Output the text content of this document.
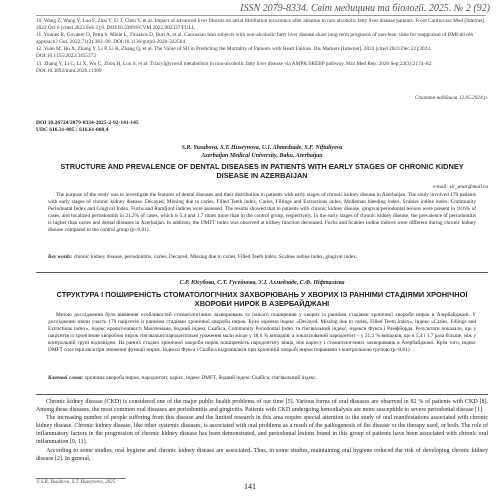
ISSN 2079-8334. Світ медицини та біології. 2025. № 2 (92)

10. Wang Z, Wang Y, Luo F, Zhai Y, Li J, Chen Y, et al. Impact of advanced liver fibrosis on atrial fibrillation recurrence after ablation in non-alcoholic fatty liver disease patients. Front Cardiovasc Med [Internet]. 2022 Oct 6 [cited 2023 Feb 2];9. DOI:10.3389/FCVM.2022.982337/FULL

11. Younes R, Govaere O, Petta S, Miele L, Tiniakos D, Burt A, et al. Caucasian lean subjects with non-alcoholic fatty liver disease share long-term prognosis of non-lean: time for reappraisal of BMI-driven approach? Gut. 2022;71(2):382–90. DOI:10.1136/gutjnl-2020-322564

12. Yuan M, Hu X, Zhang Y, Li P, Li R, Zhang Q, et al. The Value of SII in Predicting the Mortality of Patients with Heart Failure. Dis Markers [Internet]. 2022 [cited 2023 Dec 22];2022. DOI:10.1155/2022/3455372

13. Zhang Y, Li C, Li X, Wu C, Zhou H, Luo S, et al. Triacylglycerol metabolism in non-alcoholic fatty liver disease via AMPK/SREBP pathway. Mol Med Rep. 2020 Sep;22(3):2174–82. DOI:10.3892/mmr.2020.11309

Стаття надійшла 12.05.2024 р.
DOI 10.26724/2079-8334-2025-2-92-141-145
UDC 616.31-085 : 616.61-008.4
S.R. Yusubova, S.T. Huseynova, U.I. Ahmedzade, S.F. Niftaliyeva
Azerbaijan Medical University, Baku, Azerbaijan
STRUCTURE AND PREVALENCE OF DENTAL DISEASES IN PATIENTS WITH EARLY STAGES OF CHRONIC KIDNEY DISEASE IN AZERBAIJAN
e-mail: sir_anar@mail.ru

The purpose of the study was to investigate the features of dental diseases and their distribution in patients with early stages of chronic kidney disease in Azerbaijan. The study involved 179 patients with early stages of chronic kidney disease. Decayed, Missing due to caries, Filled Teeth index, Caries, Fillings and Extractions index, Mulleman bleeding index, Scabies iodine index, Community Periodontal Index and Gingival Index, Fuchs and Ramfjord indices were assessed. The results showed that in patients with chronic kidney disease, gingival/periodontal lesions were present in 18.6% of cases, and localized periodontitis in 21.2% of cases, which is 5.4 and 1.7 times more than in the control group, respectively. In the early stages of chronic kidney disease, the prevalence of periodontitis is higher than caries and dental diseases in Azerbaijan. In addition, the DMFT index was observed at kidney function decreased. Fuchs and Scabies iodine indices were different during chronic kidney disease compared to the control group (p<0.01).

Key words: chronic kidney disease, periodontitis, caries, Decayed, Missing due to caries, Filled Teeth index, Scabies iodine index, gingival index.
С.Р. Юсубова, С.Т. Гусейнова, У.І. Ахмедзаде, С.Ф. Ніфталієва
СТРУКТУРА І ПОШИРЕНІСТЬ СТОМАТОЛОГІЧНИХ ЗАХВОРЮВАНЬ У ХВОРИХ ІЗ РАННІМИ СТАДІЯМИ ХРОНІЧНОЇ ХВОРОБИ НИРОК В АЗЕРБАЙДЖАНІ

Метою дослідження було вивчення особливостей стоматологічних захворювань та їхнього поширення у хворих із ранніми стадіями хронічної хвороби нирок в Азербайджані. У дослідженні взяли участь 179 пацієнтів із ранніми стадіями хронічної хвороби нирок. Було оцінено індекс «Decayed, Missing due to caries, Filled Teeth index», індекс «Caries, Fillings and Extractions index», індекс кровоточивості Мюллемана, йодний індекс Скабіса, Community Periodontal Index та гінгівальний індекс, індекси Фукса і Рамфйорда. Результати показали, що у пацієнтів із хронічною хворобою нирок гінгівальні/пародонтальні ураження мали місце у 18,6 % випадків, а локалізований пародонтит – у 21,2 % випадків, що в 5,4 і 1,7 раза більше, ніж у контрольній групі відповідно. На ранніх стадіях хронічної хвороби нирок поширеність пародонтиту вища, ніж карієсу і стоматологічних захворювань в Азербайджані. Крім того, індекс DMFT спостерігався при зниженні функції нирок. Індекси Фукса і Скабіса відрізнялися при хронічній хворобі нирок порівняно з контрольною групою (p<0,01).

Ключові слова: хронічна хвороба нирок, пародонтит, карієс, індекс DMFT, йодний індекс Скабіса, гінгівальний індекс.

Chronic kidney disease (CKD) is considered one of the major public health problems of our time [5]. Various forms of oral diseases are observed in 82 % of patients with CKD [8]. Among these diseases, the most common oral diseases are periodontitis and gingivitis. Patients with CKD undergoing hemodialysis are more susceptible to severe periodontal disease [1].

The increasing number of people suffering from this disease and the limited research in this area require special attention to the study of oral manifestations associated with chronic kidney disease. Chronic kidney disease, like other systemic diseases, is associated with oral problems as a result of the pathogenesis of the disease or the therapy used, or both. The role of inflammatory factors in the progression of chronic kidney disease has been demonstrated, and periodontal lesions found in this group of patients have been associated with chronic oral inflammation [9, 11].

According to some studies, oral hygiene and chronic kidney disease are associated. Thus, in some studies, maintaining oral hygiene reduced the risk of developing chronic kidney disease [2]. In general,

© S.R. Yusubova, S.T. Huseynova, 2025	141
